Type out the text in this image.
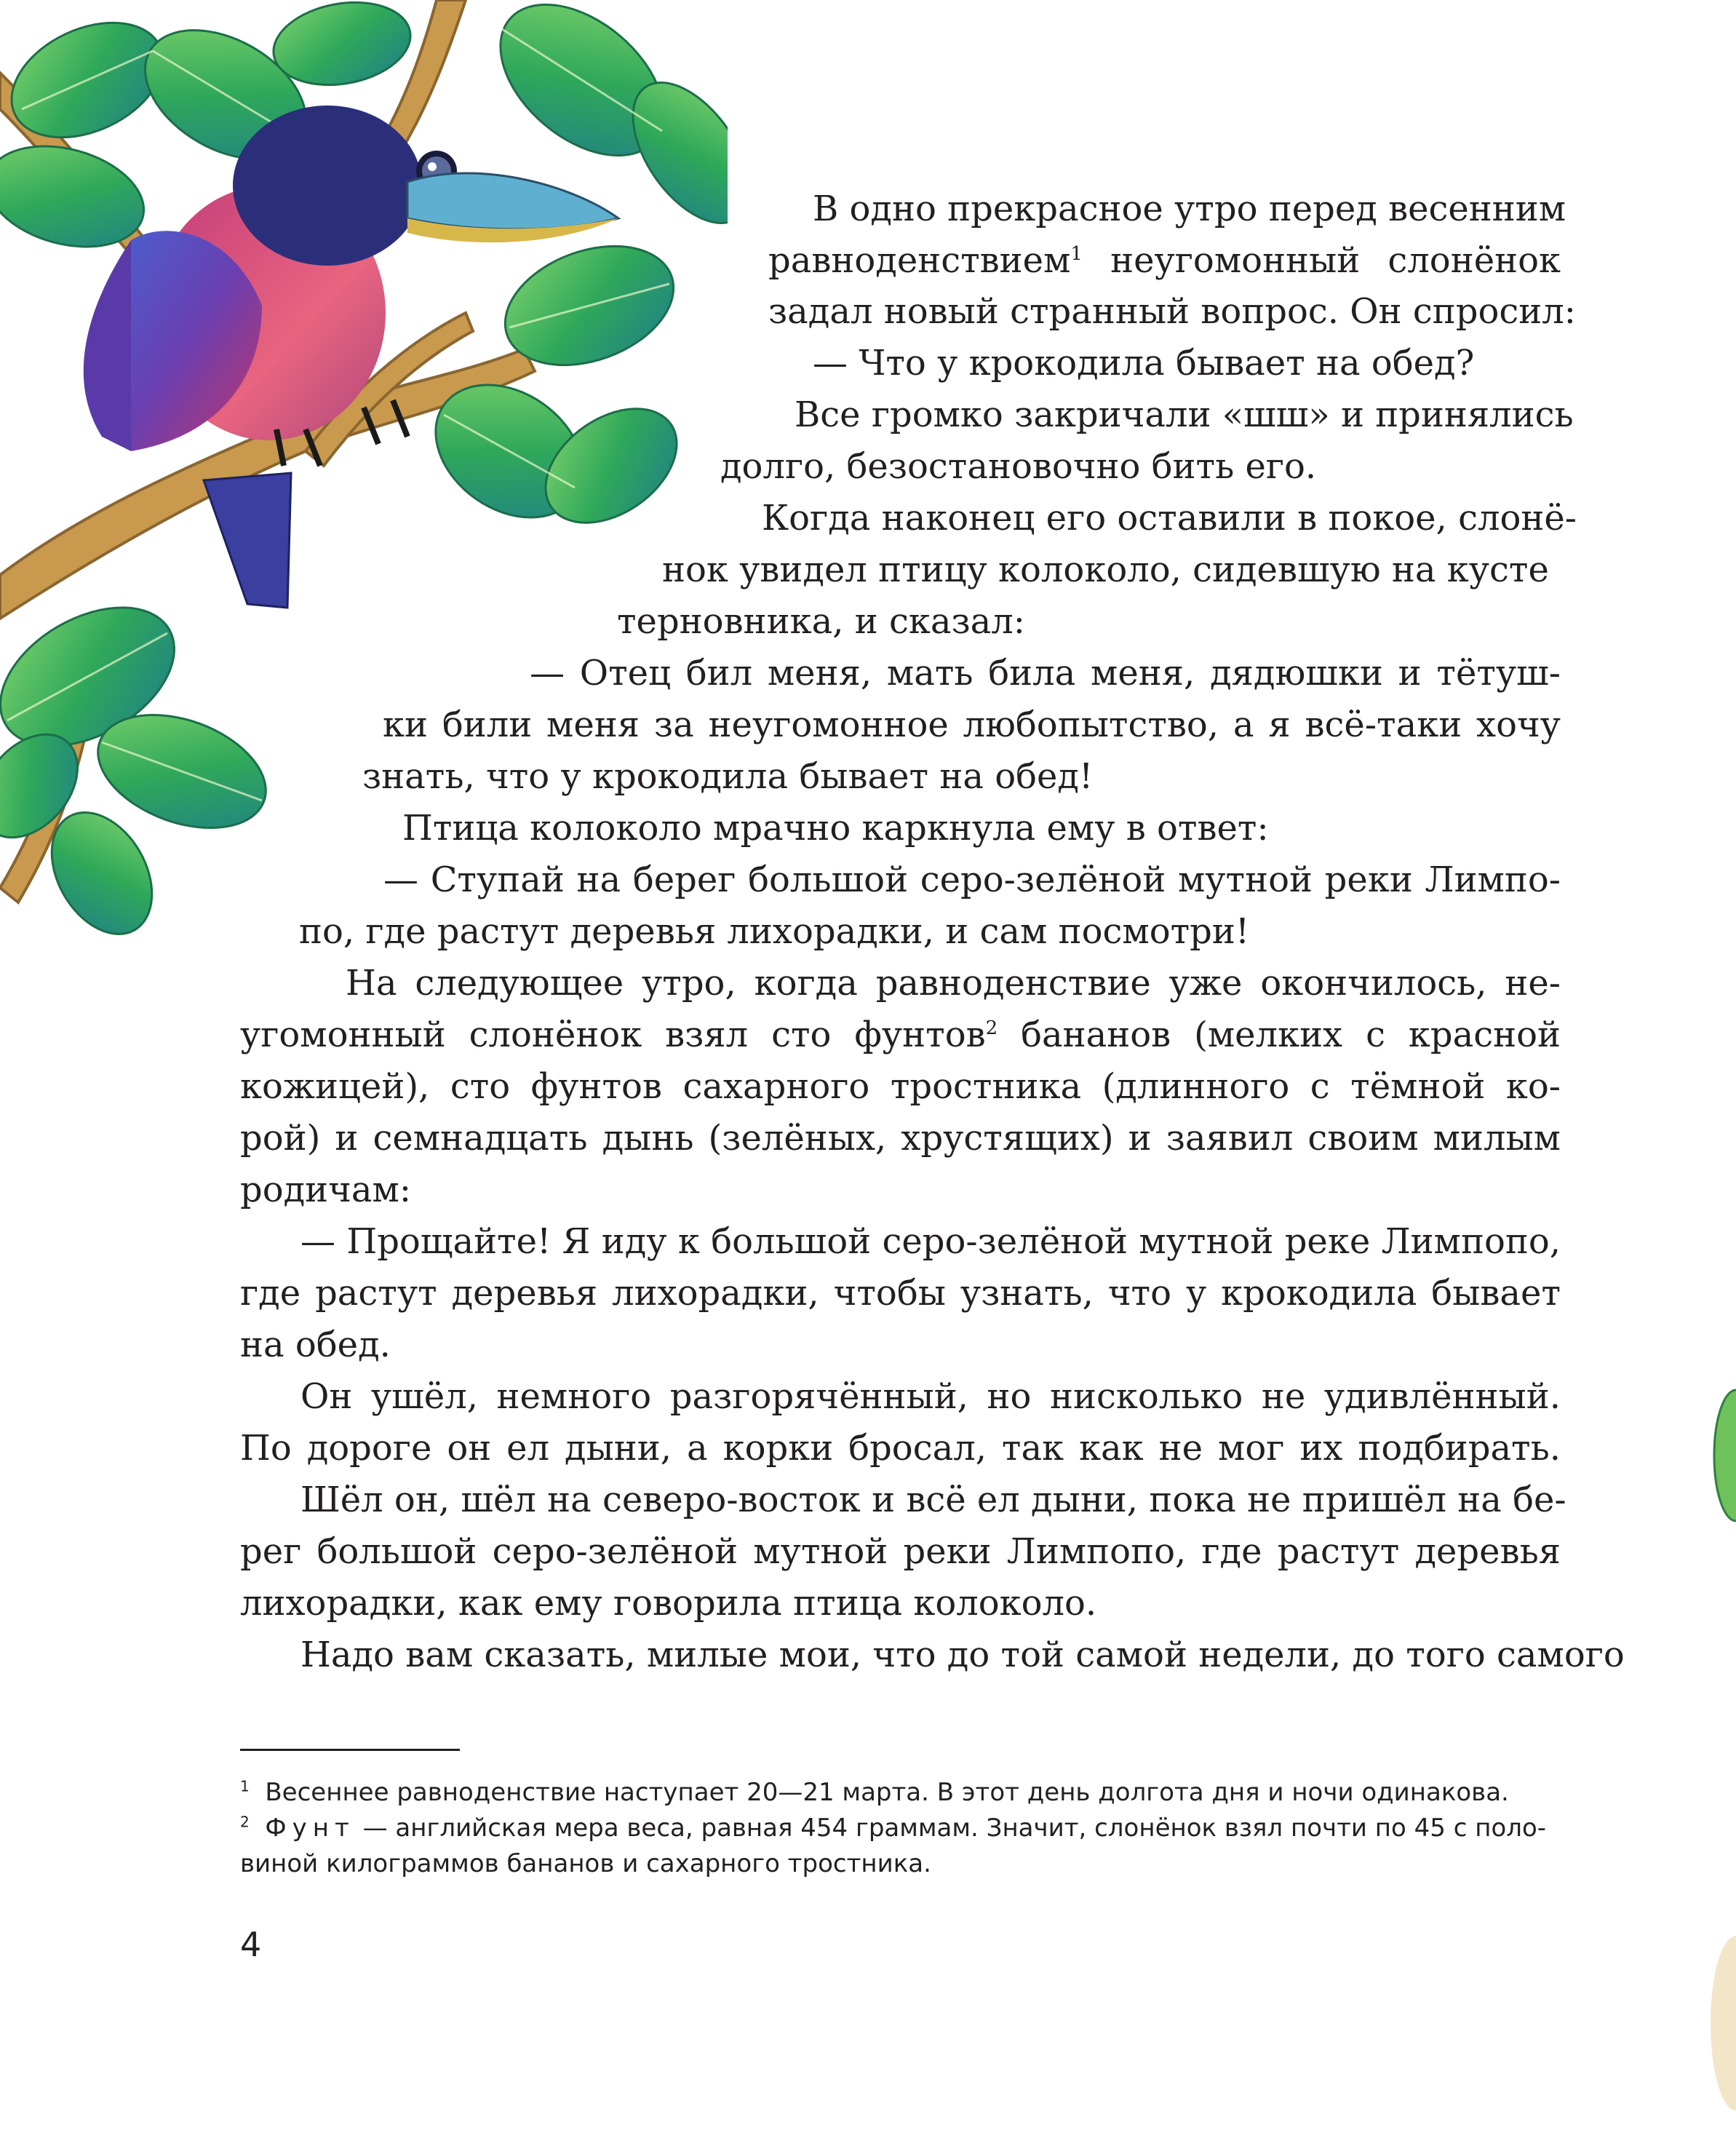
В одно прекрасное утро перед весенним
равноденствием$^1$ неугомонный слонёнок
задал новый странный вопрос. Он спросил:
— Что у крокодила бывает на обед?
Все громко закричали «шш» и принялись
долго, безостановочно бить его.
Когда наконец его оставили в покое, слонё-
нок увидел птицу колоколо, сидевшую на кусте
терновника, и сказал:
— Отец бил меня, мать била меня, дядюшки и тётуш-
ки били меня за неугомонное любопытство, а я всё-таки хочу
знать, что у крокодила бывает на обед!
Птица колоколо мрачно каркнула ему в ответ:
— Ступай на берег большой серо-зелёной мутной реки Лимпо-
по, где растут деревья лихорадки, и сам посмотри!
На следующее утро, когда равноденствие уже окончилось, не-
угомонный слонёнок взял сто фунтов$^2$ бананов (мелких с красной
кожицей), сто фунтов сахарного тростника (длинного с тёмной ко-
рой) и семнадцать дынь (зелёных, хрустящих) и заявил своим милым
родичам:
— Прощайте! Я иду к большой серо-зелёной мутной реке Лимпопо,
где растут деревья лихорадки, чтобы узнать, что у крокодила бывает
на обед.
Он ушёл, немного разгорячённый, но нисколько не удивлённый.
По дороге он ел дыни, а корки бросал, так как не мог их подбирать.
Шёл он, шёл на северо-восток и всё ел дыни, пока не пришёл на бе-
рег большой серо-зелёной мутной реки Лимпопо, где растут деревья
лихорадки, как ему говорила птица колоколо.
Надо вам сказать, милые мои, что до той самой недели, до того самого
$^1$ Весеннее равноденствие наступает 20—21 марта. В этот день долгота дня и ночи одинакова.
$^2$ Фунт — английская мера веса, равная 454 граммам. Значит, слонёнок взял почти по 45 с поло-
виной килограммов бананов и сахарного тростника.
4
